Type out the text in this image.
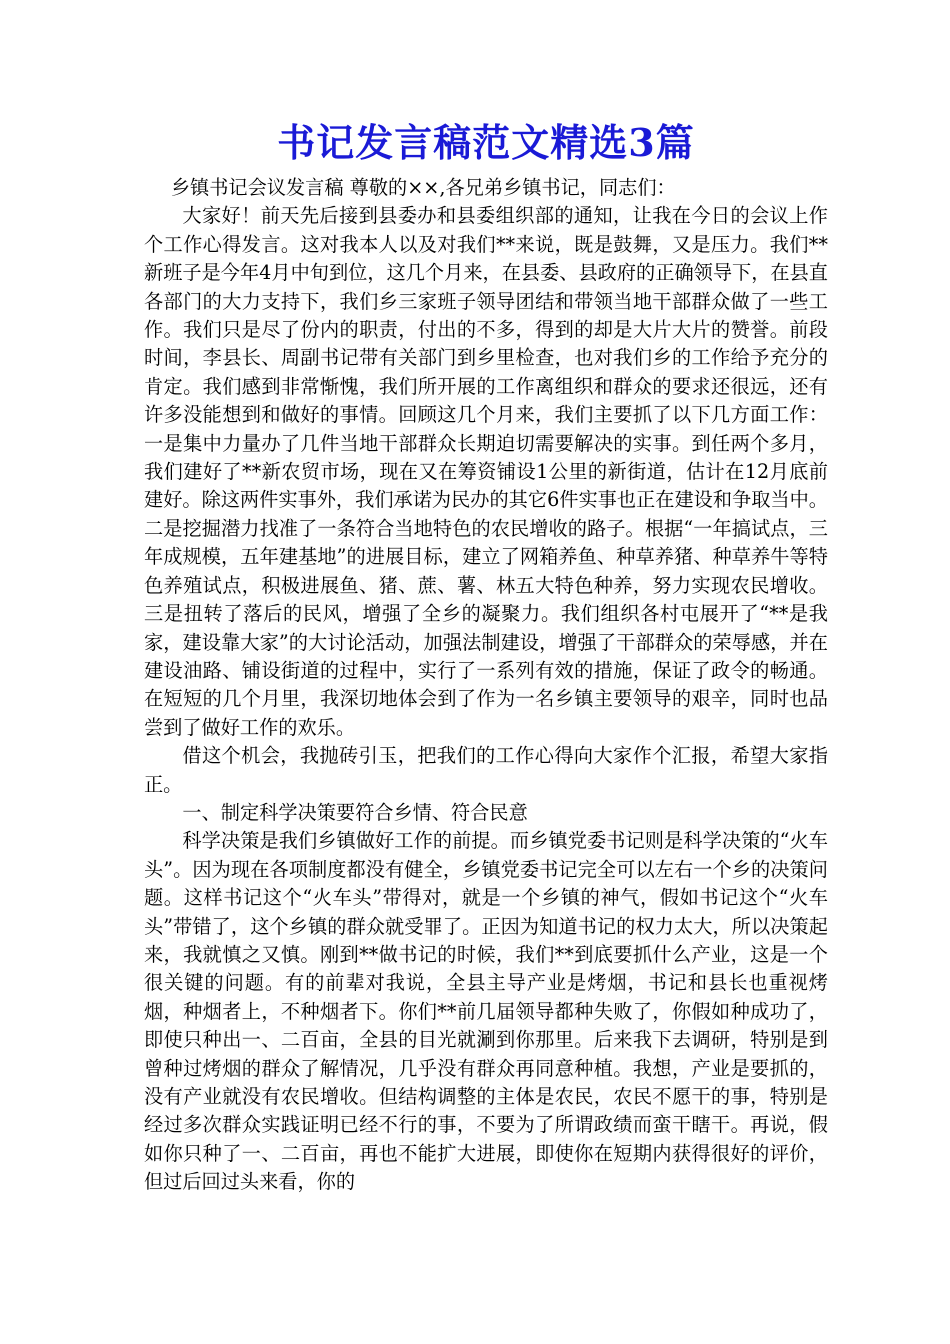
书记发言稿范文精选3篇

乡镇书记会议发言稿 尊敬的××,各兄弟乡镇书记，同志们：

大家好！前天先后接到县委办和县委组织部的通知，让我在今日的会议上作个工作心得发言。这对我本人以及对我们**来说，既是鼓舞，又是压力。我们**新班子是今年4月中旬到位，这几个月来，在县委、县政府的正确领导下，在县直各部门的大力支持下，我们乡三家班子领导团结和带领当地干部群众做了一些工作。我们只是尽了份内的职责，付出的不多，得到的却是大片大片的赞誉。前段时间，李县长、周副书记带有关部门到乡里检查，也对我们乡的工作给予充分的肯定。我们感到非常惭愧，我们所开展的工作离组织和群众的要求还很远，还有许多没能想到和做好的事情。回顾这几个月来，我们主要抓了以下几方面工作：一是集中力量办了几件当地干部群众长期迫切需要解决的实事。到任两个多月，我们建好了**新农贸市场，现在又在筹资铺设1公里的新街道，估计在12月底前建好。除这两件实事外，我们承诺为民办的其它6件实事也正在建设和争取当中。二是挖掘潜力找准了一条符合当地特色的农民增收的路子。根据“一年搞试点，三年成规模，五年建基地”的进展目标，建立了网箱养鱼、种草养猪、种草养牛等特色养殖试点，积极进展鱼、猪、蔗、薯、林五大特色种养，努力实现农民增收。三是扭转了落后的民风，增强了全乡的凝聚力。我们组织各村屯展开了“**是我家，建设靠大家”的大讨论活动，加强法制建设，增强了干部群众的荣辱感，并在建设油路、铺设街道的过程中，实行了一系列有效的措施，保证了政令的畅通。在短短的几个月里，我深切地体会到了作为一名乡镇主要领导的艰辛，同时也品尝到了做好工作的欢乐。

借这个机会，我抛砖引玉，把我们的工作心得向大家作个汇报，希望大家指正。

一、制定科学决策要符合乡情、符合民意

科学决策是我们乡镇做好工作的前提。而乡镇党委书记则是科学决策的“火车头”。因为现在各项制度都没有健全，乡镇党委书记完全可以左右一个乡的决策问题。这样书记这个“火车头”带得对，就是一个乡镇的神气，假如书记这个“火车头”带错了，这个乡镇的群众就受罪了。正因为知道书记的权力太大，所以决策起来，我就慎之又慎。刚到**做书记的时候，我们**到底要抓什么产业，这是一个很关键的问题。有的前辈对我说，全县主导产业是烤烟，书记和县长也重视烤烟，种烟者上，不种烟者下。你们**前几届领导都种失败了，你假如种成功了，即使只种出一、二百亩，全县的目光就涮到你那里。后来我下去调研，特别是到曾种过烤烟的群众了解情况，几乎没有群众再同意种植。我想，产业是要抓的，没有产业就没有农民增收。但结构调整的主体是农民，农民不愿干的事，特别是经过多次群众实践证明已经不行的事，不要为了所谓政绩而蛮干瞎干。再说，假如你只种了一、二百亩，再也不能扩大进展，即使你在短期内获得很好的评价，但过后回过头来看，你的
